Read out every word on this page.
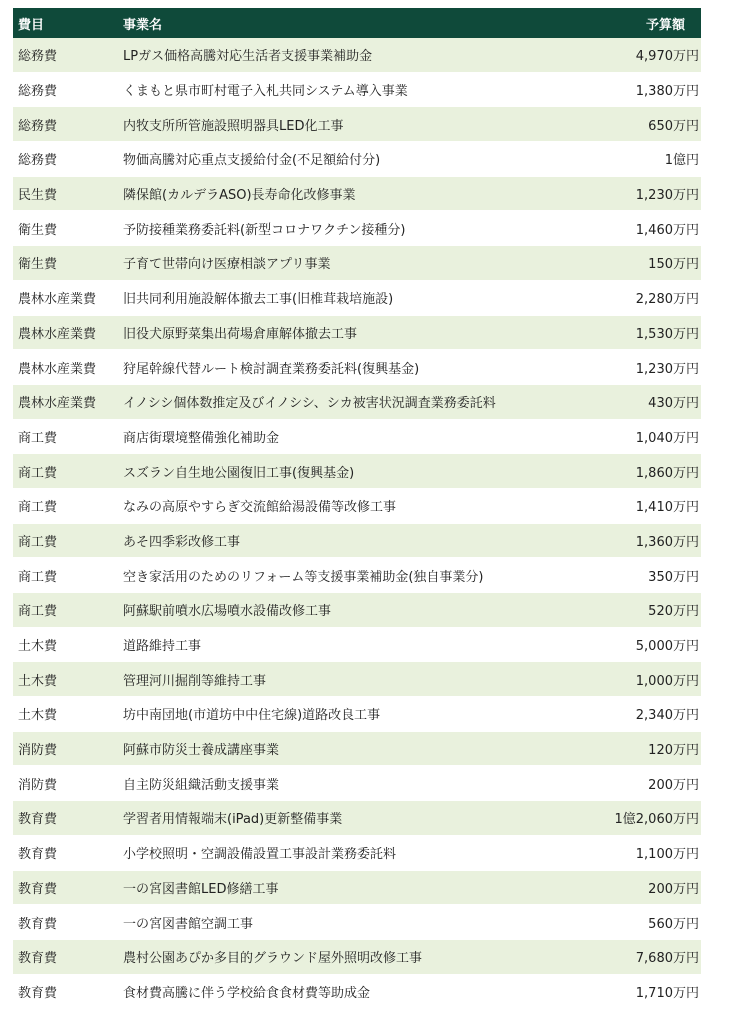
費目	事業名	予算額
総務費	LPガス価格高騰対応生活者支援事業補助金	4,970万円
総務費	くまもと県市町村電子入札共同システム導入事業	1,380万円
総務費	内牧支所所管施設照明器具LED化工事	650万円
総務費	物価高騰対応重点支援給付金(不足額給付分)	1億円
民生費	隣保館(カルデラASO)長寿命化改修事業	1,230万円
衛生費	予防接種業務委託料(新型コロナワクチン接種分)	1,460万円
衛生費	子育て世帯向け医療相談アプリ事業	150万円
農林水産業費	旧共同利用施設解体撤去工事(旧椎茸栽培施設)	2,280万円
農林水産業費	旧役犬原野菜集出荷場倉庫解体撤去工事	1,530万円
農林水産業費	狩尾幹線代替ルート検討調査業務委託料(復興基金)	1,230万円
農林水産業費	イノシシ個体数推定及びイノシシ、シカ被害状況調査業務委託料	430万円
商工費	商店街環境整備強化補助金	1,040万円
商工費	スズラン自生地公園復旧工事(復興基金)	1,860万円
商工費	なみの高原やすらぎ交流館給湯設備等改修工事	1,410万円
商工費	あそ四季彩改修工事	1,360万円
商工費	空き家活用のためのリフォーム等支援事業補助金(独自事業分)	350万円
商工費	阿蘇駅前噴水広場噴水設備改修工事	520万円
土木費	道路維持工事	5,000万円
土木費	管理河川掘削等維持工事	1,000万円
土木費	坊中南団地(市道坊中中住宅線)道路改良工事	2,340万円
消防費	阿蘇市防災士養成講座事業	120万円
消防費	自主防災組織活動支援事業	200万円
教育費	学習者用情報端末(iPad)更新整備事業	1億2,060万円
教育費	小学校照明・空調設備設置工事設計業務委託料	1,100万円
教育費	一の宮図書館LED修繕工事	200万円
教育費	一の宮図書館空調工事	560万円
教育費	農村公園あぴか多目的グラウンド屋外照明改修工事	7,680万円
教育費	食材費高騰に伴う学校給食食材費等助成金	1,710万円
